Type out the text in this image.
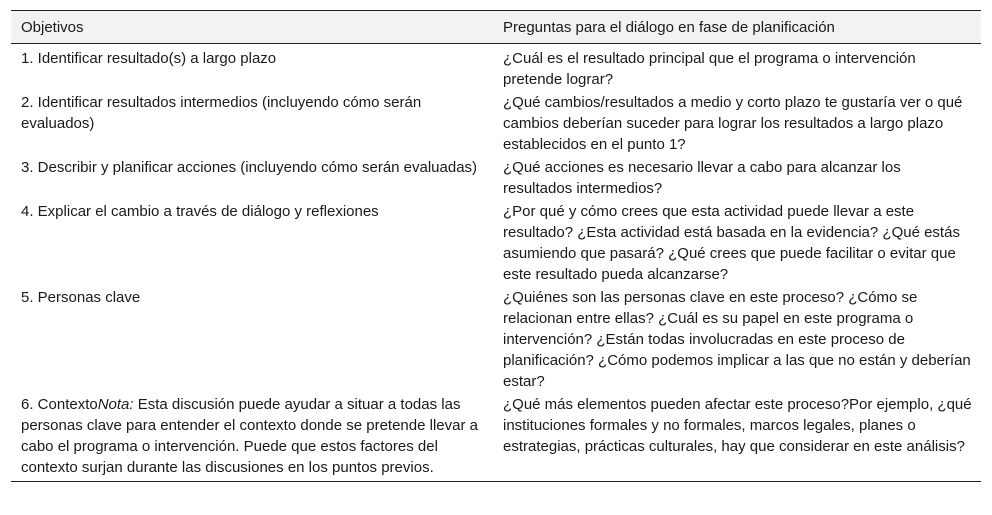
Objetivos	Preguntas para el diálogo en fase de planificación
1. Identificar resultado(s) a largo plazo	¿Cuál es el resultado principal que el programa o intervención pretende lograr?
2. Identificar resultados intermedios (incluyendo cómo serán evaluados)	¿Qué cambios/resultados a medio y corto plazo te gustaría ver o qué cambios deberían suceder para lograr los resultados a largo plazo establecidos en el punto 1?
3. Describir y planificar acciones (incluyendo cómo serán evaluadas)	¿Qué acciones es necesario llevar a cabo para alcanzar los resultados intermedios?
4. Explicar el cambio a través de diálogo y reflexiones	¿Por qué y cómo crees que esta actividad puede llevar a este resultado? ¿Esta actividad está basada en la evidencia? ¿Qué estás asumiendo que pasará? ¿Qué crees que puede facilitar o evitar que este resultado pueda alcanzarse?
5. Personas clave	¿Quiénes son las personas clave en este proceso? ¿Cómo se relacionan entre ellas? ¿Cuál es su papel en este programa o intervención? ¿Están todas involucradas en este proceso de planificación? ¿Cómo podemos implicar a las que no están y deberían estar?
6. ContextoNota: Esta discusión puede ayudar a situar a todas las personas clave para entender el contexto donde se pretende llevar a cabo el programa o intervención. Puede que estos factores del contexto surjan durante las discusiones en los puntos previos.	¿Qué más elementos pueden afectar este proceso?Por ejemplo, ¿qué instituciones formales y no formales, marcos legales, planes o estrategias, prácticas culturales, hay que considerar en este análisis?
